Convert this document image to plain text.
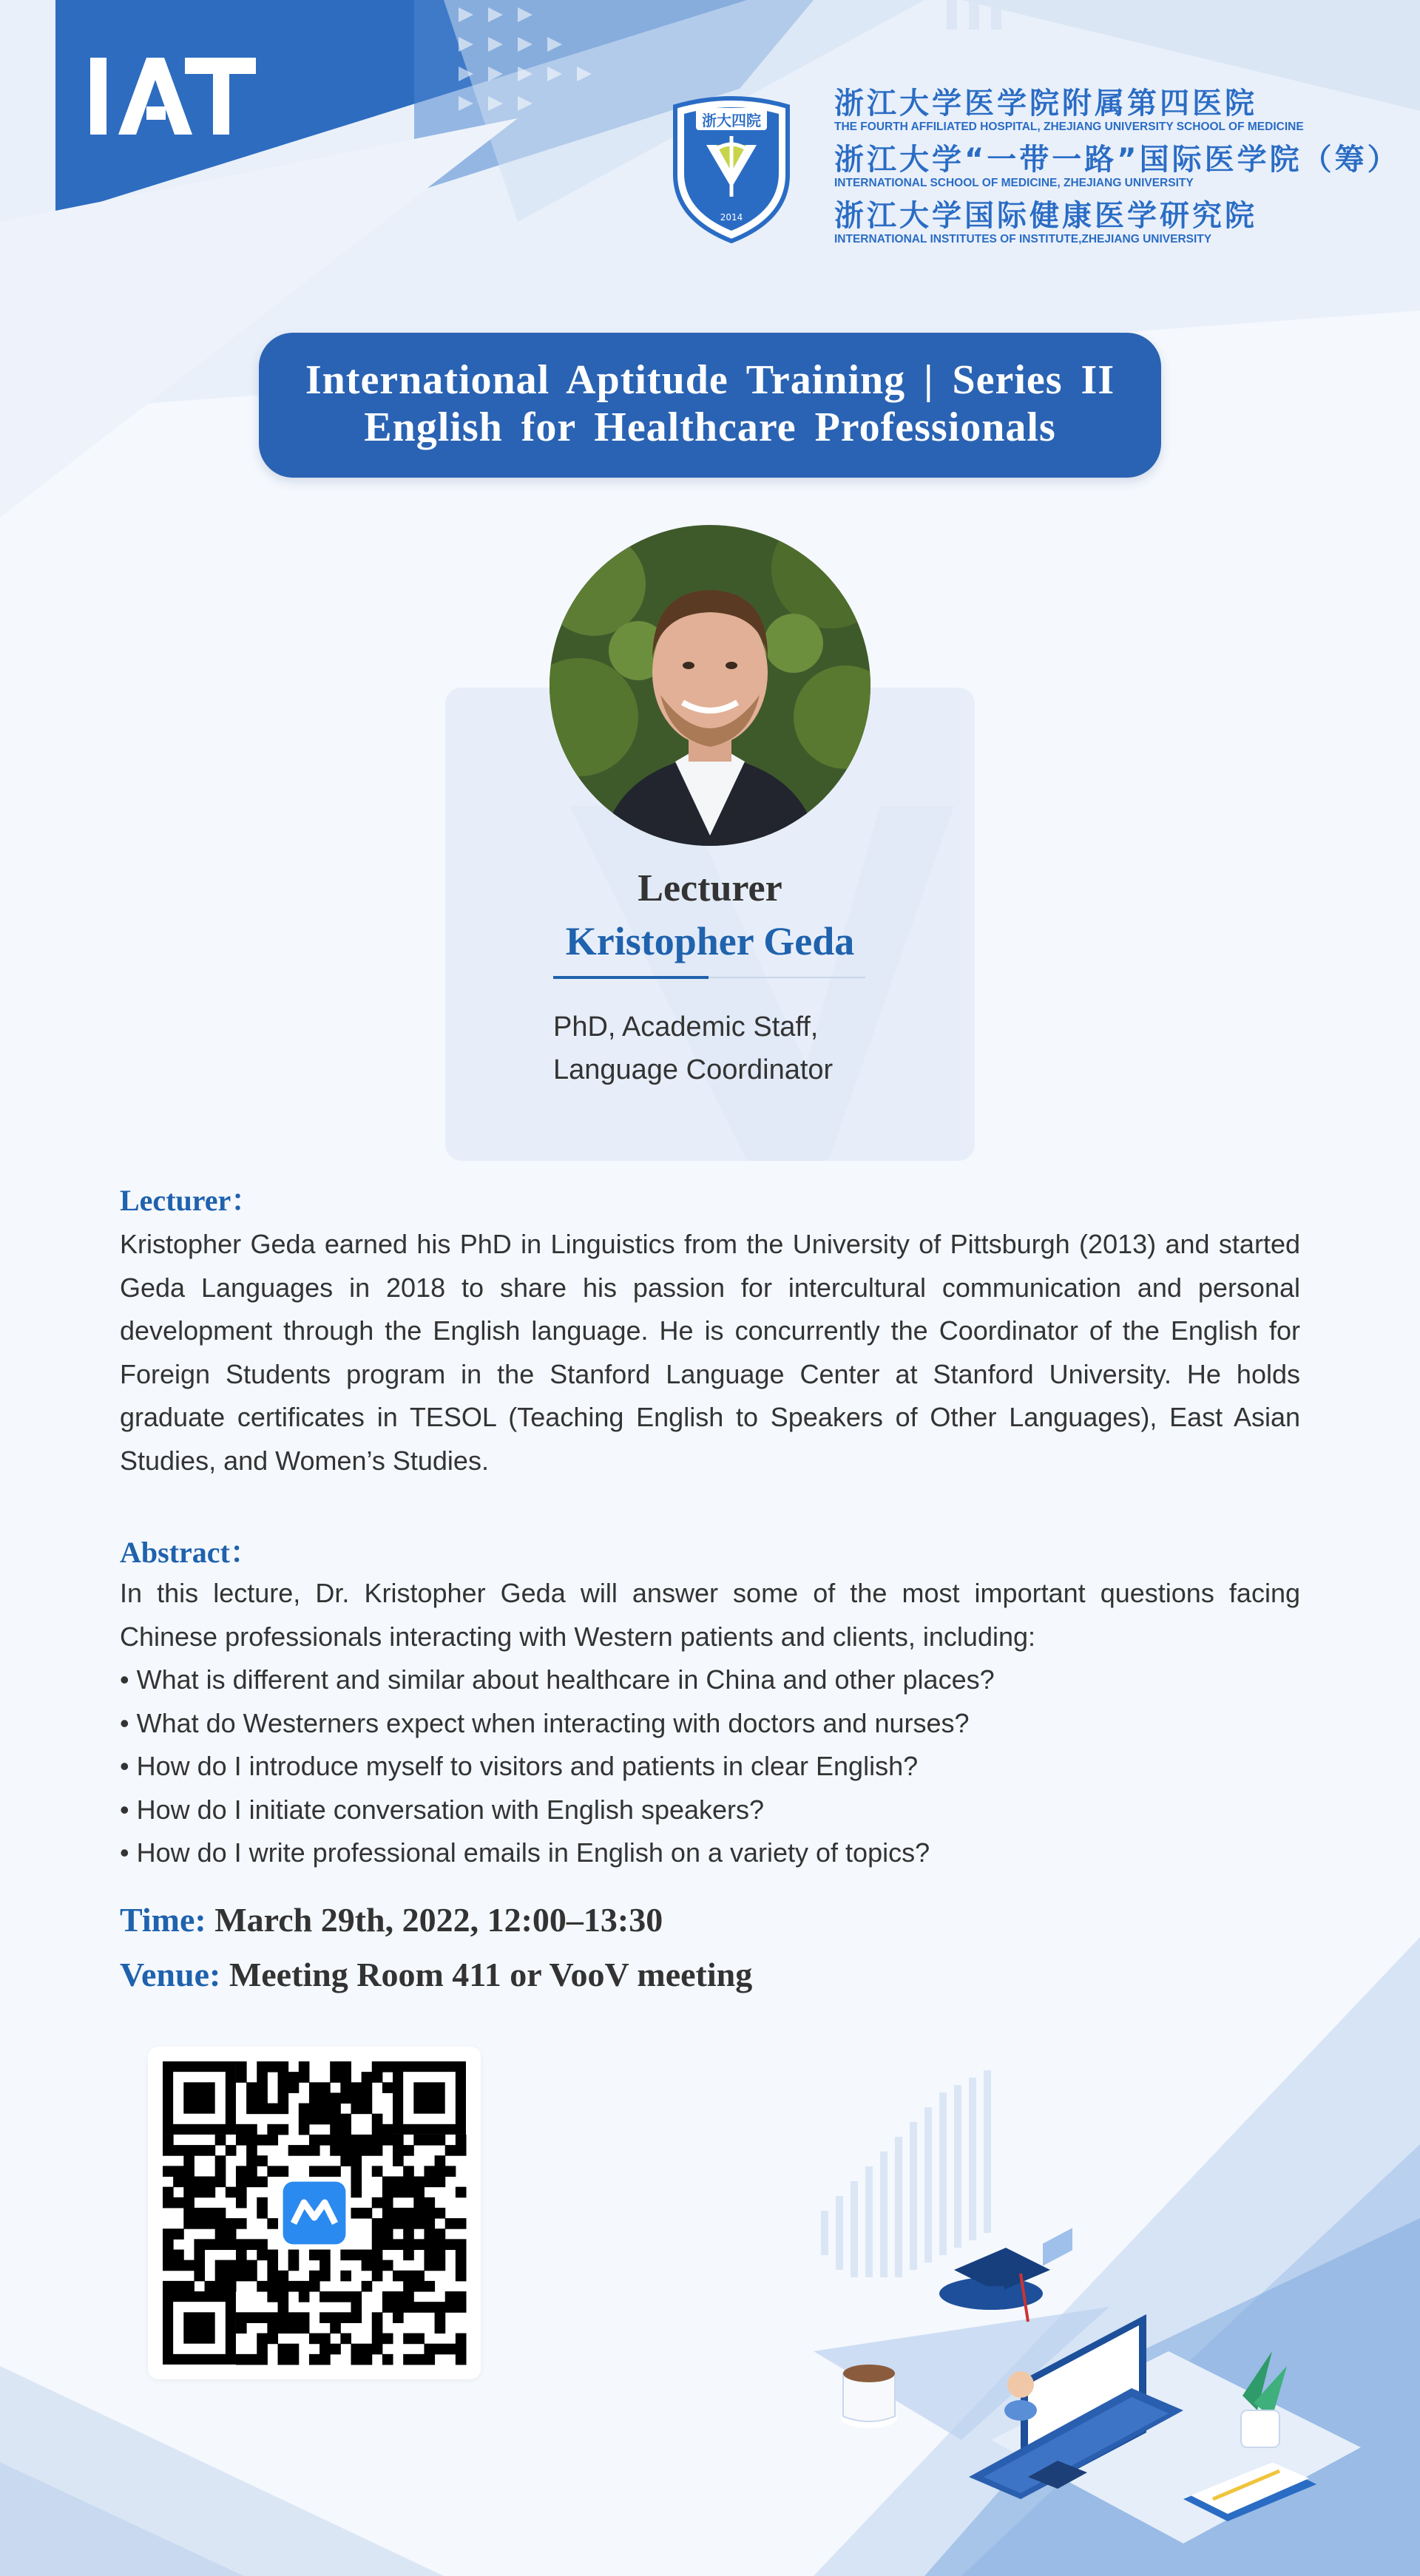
浙大四院
2014
浙江大学医学院附属第四医院
THE FOURTH AFFILIATED HOSPITAL, ZHEJIANG UNIVERSITY SCHOOL OF MEDICINE
浙江大学“一带一路”国际医学院（筹）
INTERNATIONAL SCHOOL OF MEDICINE, ZHEJIANG UNIVERSITY
浙江大学国际健康医学研究院
INTERNATIONAL INSTITUTES OF INSTITUTE,ZHEJIANG UNIVERSITY
International Aptitude Training | Series II
English for Healthcare Professionals
Lecturer
Kristopher Geda
PhD, Academic Staff,
Language Coordinator
Lecturer：
Kristopher Geda earned his PhD in Linguistics from the University of Pittsburgh (2013) and started Geda Languages in 2018 to share his passion for intercultural communication and personal development through the English language. He is concurrently the Coordinator of the English for Foreign Students program in the Stanford Language Center at Stanford University. He holds graduate certificates in TESOL (Teaching English to Speakers of Other Languages), East Asian Studies, and Women’s Studies.
Abstract：
In this lecture, Dr. Kristopher Geda will answer some of the most important questions facing Chinese professionals interacting with Western patients and clients, including:
• What is different and similar about healthcare in China and other places?
• What do Westerners expect when interacting with doctors and nurses?
• How do I introduce myself to visitors and patients in clear English?
• How do I initiate conversation with English speakers?
• How do I write professional emails in English on a variety of topics?
Time: March 29th, 2022, 12:00–13:30
Venue: Meeting Room 411 or VooV meeting
